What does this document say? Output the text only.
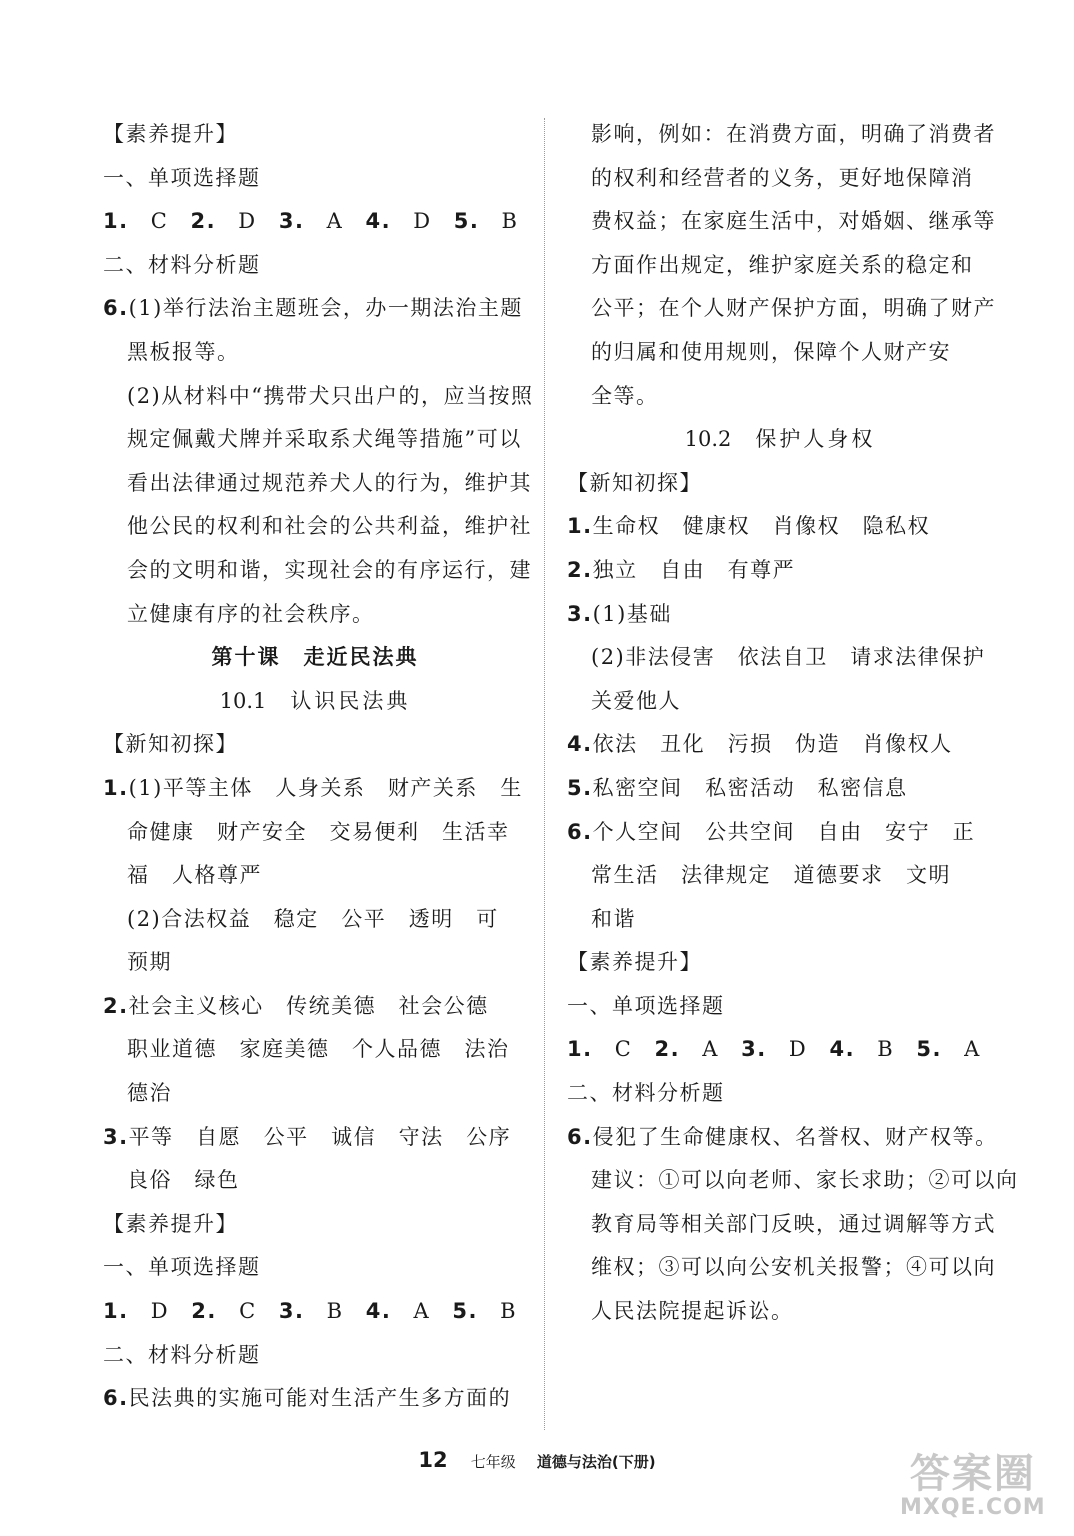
【素养提升】
一、单项选择题
1. C 2. D 3. A 4. D 5. B
二、材料分析题
6.(1)举行法治主题班会，办一期法治主题
黑板报等。
(2)从材料中“携带犬只出户的，应当按照
规定佩戴犬牌并采取系犬绳等措施”可以
看出法律通过规范养犬人的行为，维护其
他公民的权利和社会的公共利益，维护社
会的文明和谐，实现社会的有序运行，建
立健康有序的社会秩序。
第十课　走近民法典
10.1 认识民法典
【新知初探】
1.(1)平等主体　人身关系　财产关系　生
命健康　财产安全　交易便利　生活幸
福　人格尊严
(2)合法权益　稳定　公平　透明　可
预期
2.社会主义核心　传统美德　社会公德
职业道德　家庭美德　个人品德　法治
德治
3.平等　自愿　公平　诚信　守法　公序
良俗　绿色
【素养提升】
一、单项选择题
1. D 2. C 3. B 4. A 5. B
二、材料分析题
6.民法典的实施可能对生活产生多方面的
影响，例如：在消费方面，明确了消费者
的权利和经营者的义务，更好地保障消
费权益；在家庭生活中，对婚姻、继承等
方面作出规定，维护家庭关系的稳定和
公平；在个人财产保护方面，明确了财产
的归属和使用规则，保障个人财产安
全等。
10.2 保护人身权
【新知初探】
1.生命权　健康权　肖像权　隐私权
2.独立　自由　有尊严
3.(1)基础
(2)非法侵害　依法自卫　请求法律保护
关爱他人
4.依法　丑化　污损　伪造　肖像权人
5.私密空间　私密活动　私密信息
6.个人空间　公共空间　自由　安宁　正
常生活　法律规定　道德要求　文明
和谐
【素养提升】
一、单项选择题
1. C 2. A 3. D 4. B 5. A
二、材料分析题
6.侵犯了生命健康权、名誉权、财产权等。
建议：①可以向老师、家长求助；②可以向
教育局等相关部门反映，通过调解等方式
维权；③可以向公安机关报警；④可以向
人民法院提起诉讼。
12 七年级 道德与法治(下册)	答案圈
MXQE.COM
